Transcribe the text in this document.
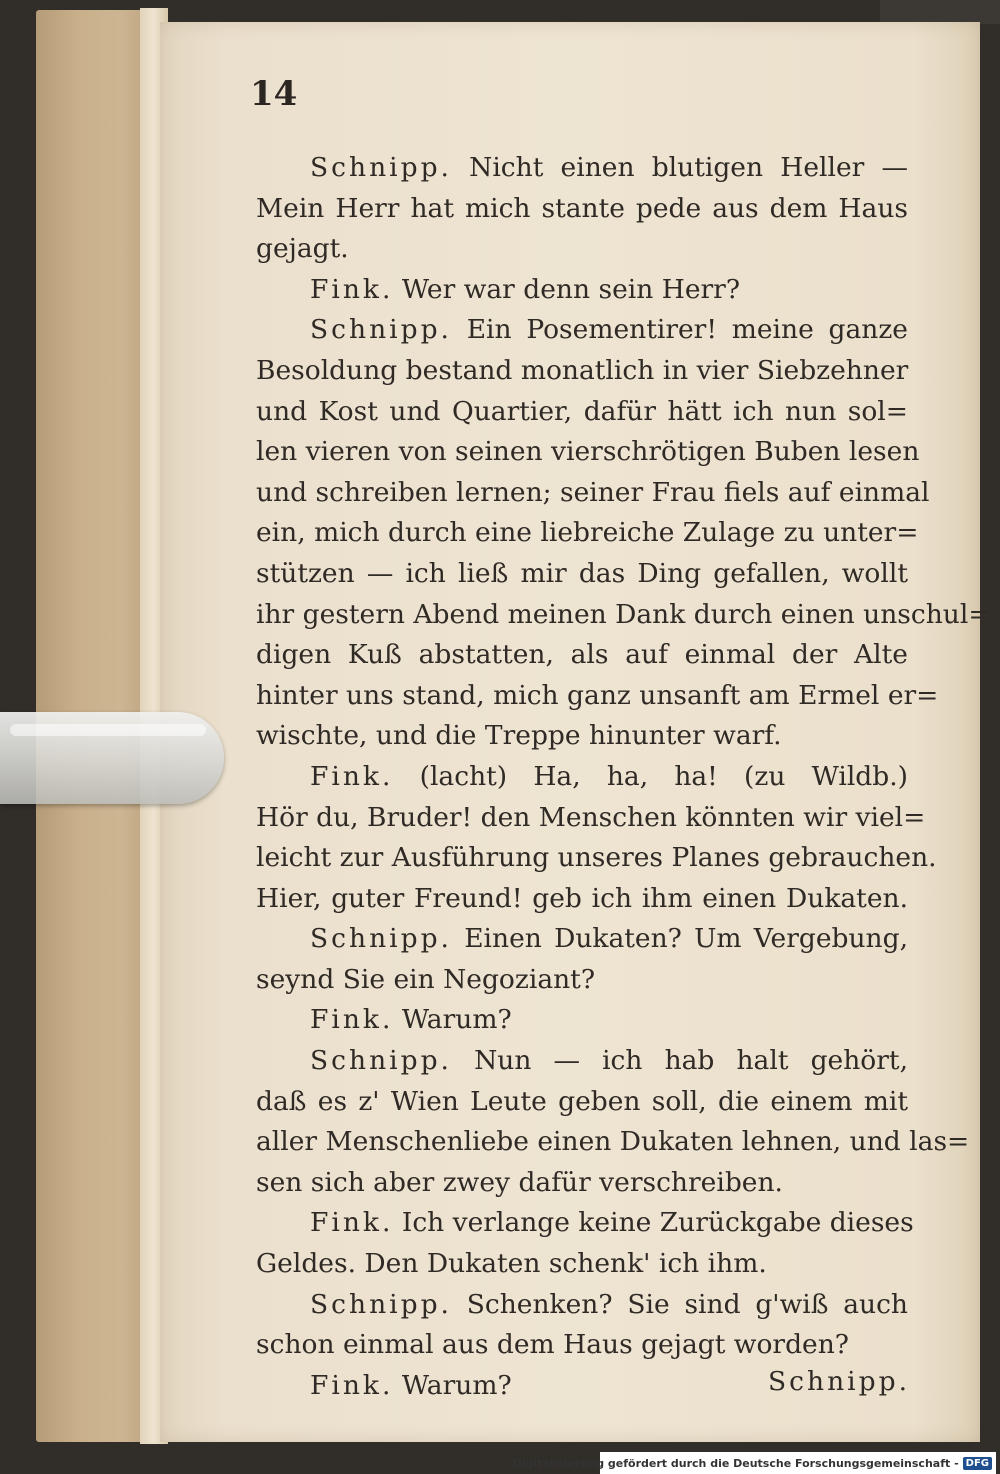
14
Schnipp. Nicht einen blutigen Heller —
Mein Herr hat mich stante pede aus dem Haus
gejagt.
Fink. Wer war denn sein Herr?
Schnipp. Ein Posementirer! meine ganze
Besoldung bestand monatlich in vier Siebzehner
und Kost und Quartier, dafür hätt ich nun sol=
len vieren von seinen vierschrötigen Buben lesen
und schreiben lernen; seiner Frau fiels auf einmal
ein, mich durch eine liebreiche Zulage zu unter=
stützen — ich ließ mir das Ding gefallen, wollt
ihr gestern Abend meinen Dank durch einen unschul=
digen Kuß abstatten, als auf einmal der Alte
hinter uns stand, mich ganz unsanft am Ermel er=
wischte, und die Treppe hinunter warf.
Fink. (lacht) Ha, ha, ha! (zu Wildb.)
Hör du, Bruder! den Menschen könnten wir viel=
leicht zur Ausführung unseres Planes gebrauchen.
Hier, guter Freund! geb ich ihm einen Dukaten.
Schnipp. Einen Dukaten? Um Vergebung,
seynd Sie ein Negoziant?
Fink. Warum?
Schnipp. Nun — ich hab halt gehört,
daß es z' Wien Leute geben soll, die einem mit
aller Menschenliebe einen Dukaten lehnen, und las=
sen sich aber zwey dafür verschreiben.
Fink. Ich verlange keine Zurückgabe dieses
Geldes. Den Dukaten schenk' ich ihm.
Schnipp. Schenken? Sie sind g'wiß auch
schon einmal aus dem Haus gejagt worden?
Fink. Warum?	Schnipp.
Digitalisierung gefördert durch die Deutsche Forschungsgemeinschaft - DFG
